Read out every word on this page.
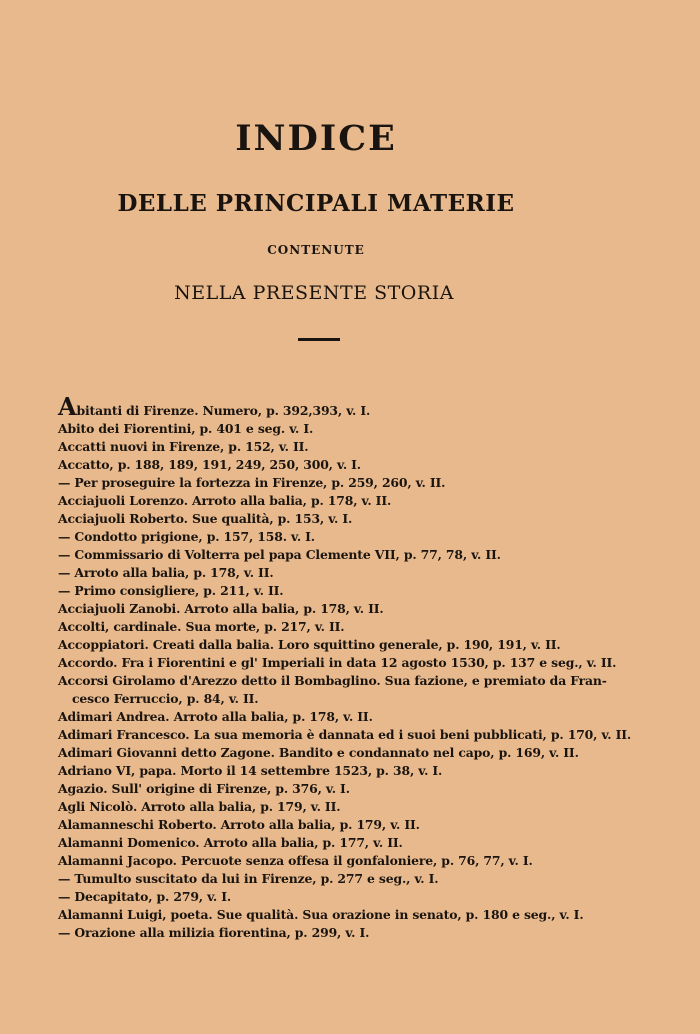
INDICE
DELLE PRINCIPALI MATERIE
CONTENUTE
NELLA PRESENTE STORIA
Abitanti di Firenze. Numero, p. 392,393, v. I.
Abito dei Fiorentini, p. 401 e seg. v. I.
Accatti nuovi in Firenze, p. 152, v. II.
Accatto, p. 188, 189, 191, 249, 250, 300, v. I.
— Per proseguire la fortezza in Firenze, p. 259, 260, v. II.
Acciajuoli Lorenzo. Arroto alla balia, p. 178, v. II.
Acciajuoli Roberto. Sue qualità, p. 153, v. I.
— Condotto prigione, p. 157, 158. v. I.
— Commissario di Volterra pel papa Clemente VII, p. 77, 78, v. II.
— Arroto alla balia, p. 178, v. II.
— Primo consigliere, p. 211, v. II.
Acciajuoli Zanobi. Arroto alla balia, p. 178, v. II.
Accolti, cardinale. Sua morte, p. 217, v. II.
Accoppiatori. Creati dalla balia. Loro squittino generale, p. 190, 191, v. II.
Accordo. Fra i Fiorentini e gl' Imperiali in data 12 agosto 1530, p. 137 e seg., v. II.
Accorsi Girolamo d'Arezzo detto il Bombaglino. Sua fazione, e premiato da Fran-
cesco Ferruccio, p. 84, v. II.
Adimari Andrea. Arroto alla balia, p. 178, v. II.
Adimari Francesco. La sua memoria è dannata ed i suoi beni pubblicati, p. 170, v. II.
Adimari Giovanni detto Zagone. Bandito e condannato nel capo, p. 169, v. II.
Adriano VI, papa. Morto il 14 settembre 1523, p. 38, v. I.
Agazio. Sull' origine di Firenze, p. 376, v. I.
Agli Nicolò. Arroto alla balia, p. 179, v. II.
Alamanneschi Roberto. Arroto alla balia, p. 179, v. II.
Alamanni Domenico. Arroto alla balia, p. 177, v. II.
Alamanni Jacopo. Percuote senza offesa il gonfaloniere, p. 76, 77, v. I.
— Tumulto suscitato da lui in Firenze, p. 277 e seg., v. I.
— Decapitato, p. 279, v. I.
Alamanni Luigi, poeta. Sue qualità. Sua orazione in senato, p. 180 e seg., v. I.
— Orazione alla milizia fiorentina, p. 299, v. I.
